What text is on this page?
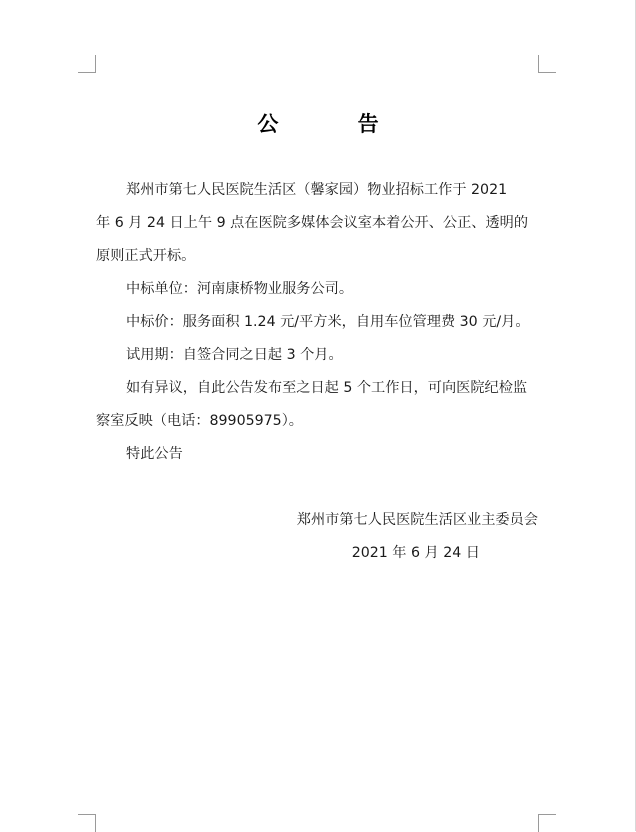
公 告
郑州市第七人民医院生活区（馨家园）物业招标工作于 2021
年 6 月 24 日上午 9 点在医院多媒体会议室本着公开、公正、透明的
原则正式开标。
中标单位：河南康桥物业服务公司。
中标价：服务面积 1.24 元/平方米，自用车位管理费 30 元/月。
试用期：自签合同之日起 3 个月。
如有异议，自此公告发布至之日起 5 个工作日，可向医院纪检监
察室反映（电话：89905975）。
特此公告
郑州市第七人民医院生活区业主委员会
2021 年 6 月 24 日
